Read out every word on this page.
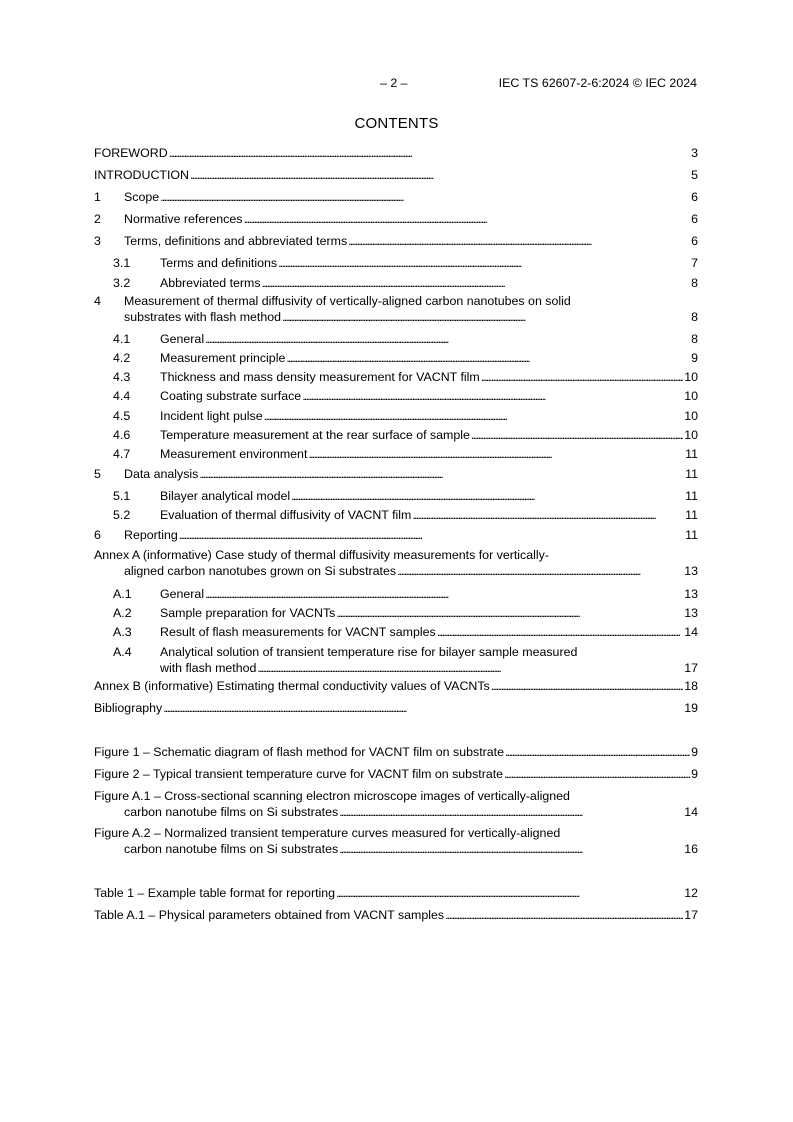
– 2 –	IEC TS 62607-2-6:2024 © IEC 2024
CONTENTS
FOREWORD . . .	3
INTRODUCTION . . .	5
1	Scope . . .	6
2	Normative references . . .	6
3	Terms, definitions and abbreviated terms . . .	6
3.1	Terms and definitions . . .	7
3.2	Abbreviated terms . . .	8
4	Measurement of thermal diffusivity of vertically-aligned carbon nanotubes on solid
substrates with flash method . . .	8
4.1	General . . .	8
4.2	Measurement principle . . .	9
4.3	Thickness and mass density measurement for VACNT film . . .	10
4.4	Coating substrate surface . . .	10
4.5	Incident light pulse . . .	10
4.6	Temperature measurement at the rear surface of sample . . .	10
4.7	Measurement environment . . .	11
5	Data analysis . . .	11
5.1	Bilayer analytical model . . .	11
5.2	Evaluation of thermal diffusivity of VACNT film . . .	11
6	Reporting . . .	11
Annex A (informative) Case study of thermal diffusivity measurements for vertically-
aligned carbon nanotubes grown on Si substrates . . .	13
A.1	General . . .	13
A.2	Sample preparation for VACNTs . . .	13
A.3	Result of flash measurements for VACNT samples . . .	14
A.4	Analytical solution of transient temperature rise for bilayer sample measured
with flash method . . .	17
Annex B (informative) Estimating thermal conductivity values of VACNTs . . .	18
Bibliography . . .	19
Figure 1 – Schematic diagram of flash method for VACNT film on substrate . . .	9
Figure 2 – Typical transient temperature curve for VACNT film on substrate . . .	9
Figure A.1 – Cross-sectional scanning electron microscope images of vertically-aligned
carbon nanotube films on Si substrates . . .	14
Figure A.2 – Normalized transient temperature curves measured for vertically-aligned
carbon nanotube films on Si substrates . . .	16
Table 1 – Example table format for reporting . . .	12
Table A.1 – Physical parameters obtained from VACNT samples . . .	17
